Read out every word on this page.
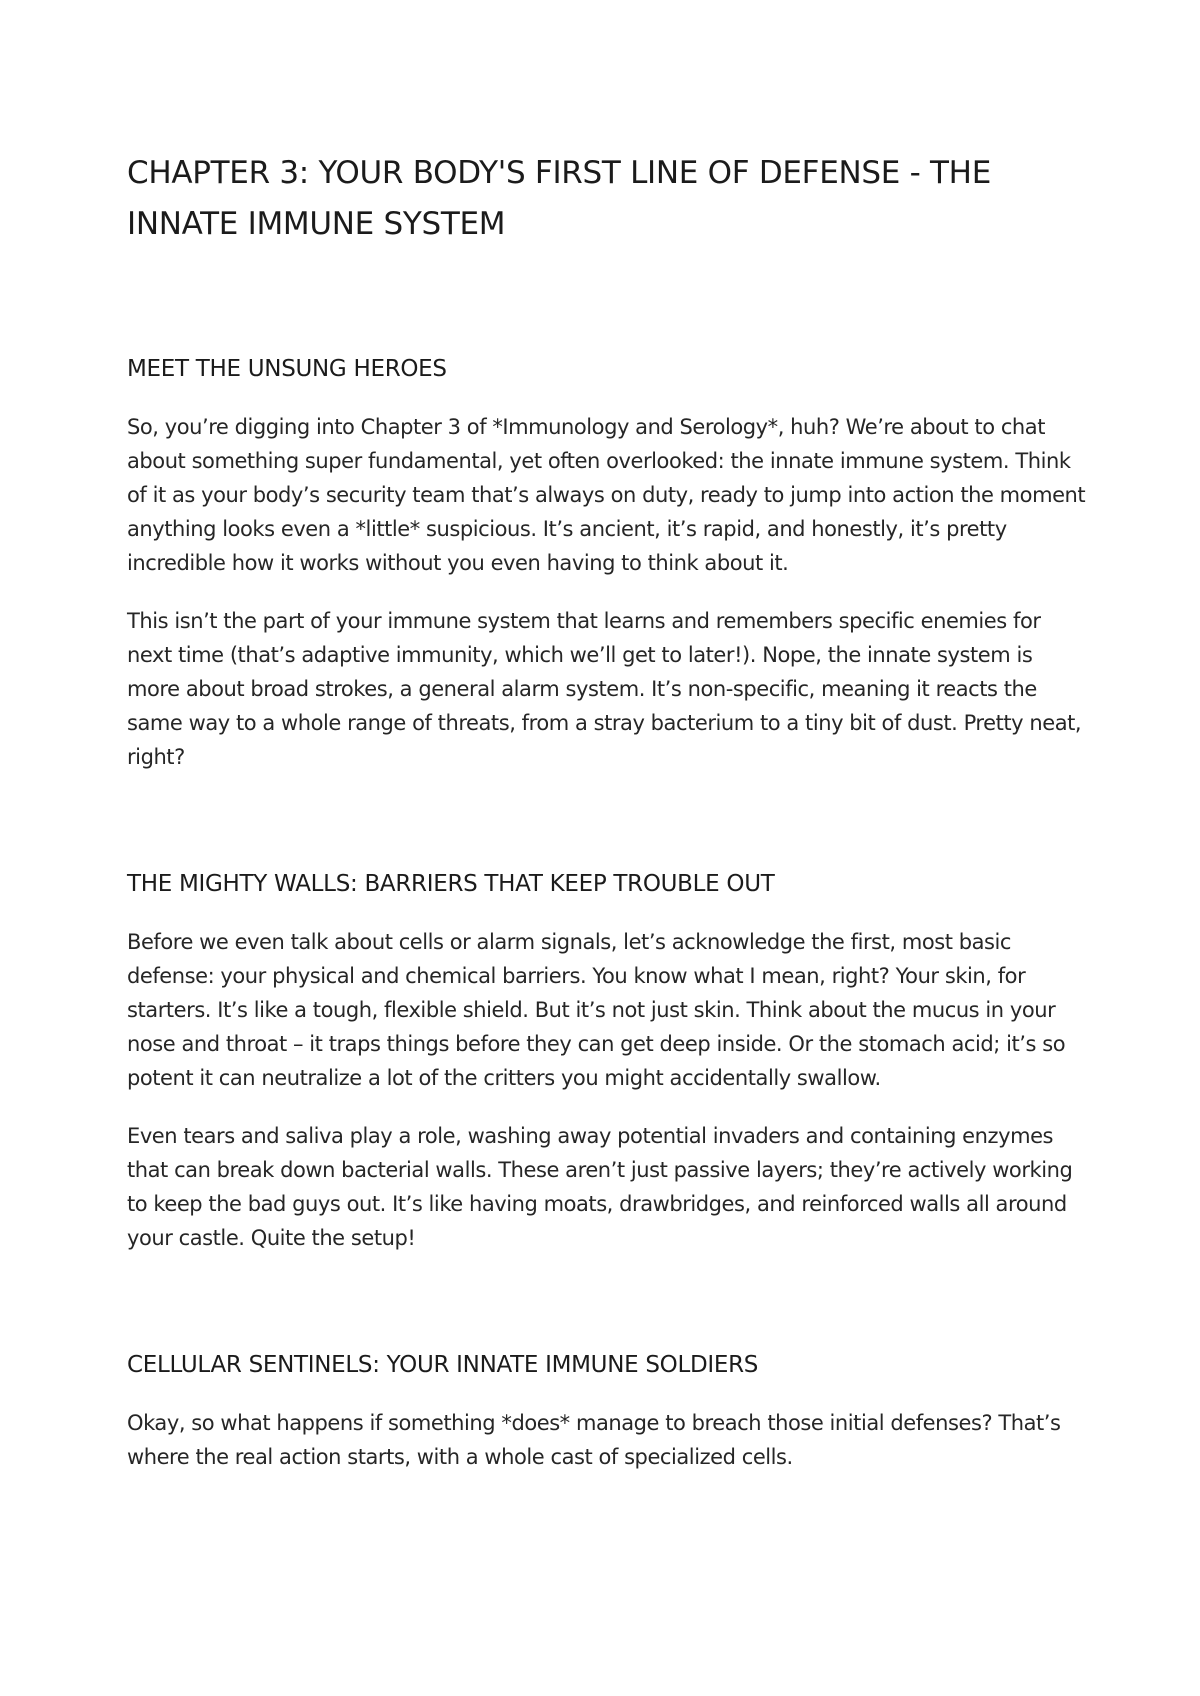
CHAPTER 3: YOUR BODY'S FIRST LINE OF DEFENSE - THE INNATE IMMUNE SYSTEM
MEET THE UNSUNG HEROES

So, you’re digging into Chapter 3 of *Immunology and Serology*, huh? We’re about to chat about something super fundamental, yet often overlooked: the innate immune system. Think of it as your body’s security team that’s always on duty, ready to jump into action the moment anything looks even a *little* suspicious. It’s ancient, it’s rapid, and honestly, it’s pretty incredible how it works without you even having to think about it.

This isn’t the part of your immune system that learns and remembers specific enemies for next time (that’s adaptive immunity, which we’ll get to later!). Nope, the innate system is more about broad strokes, a general alarm system. It’s non-specific, meaning it reacts the same way to a whole range of threats, from a stray bacterium to a tiny bit of dust. Pretty neat, right?

THE MIGHTY WALLS: BARRIERS THAT KEEP TROUBLE OUT

Before we even talk about cells or alarm signals, let’s acknowledge the first, most basic defense: your physical and chemical barriers. You know what I mean, right? Your skin, for starters. It’s like a tough, flexible shield. But it’s not just skin. Think about the mucus in your nose and throat – it traps things before they can get deep inside. Or the stomach acid; it’s so potent it can neutralize a lot of the critters you might accidentally swallow.

Even tears and saliva play a role, washing away potential invaders and containing enzymes that can break down bacterial walls. These aren’t just passive layers; they’re actively working to keep the bad guys out. It’s like having moats, drawbridges, and reinforced walls all around your castle. Quite the setup!

CELLULAR SENTINELS: YOUR INNATE IMMUNE SOLDIERS

Okay, so what happens if something *does* manage to breach those initial defenses? That’s where the real action starts, with a whole cast of specialized cells.
